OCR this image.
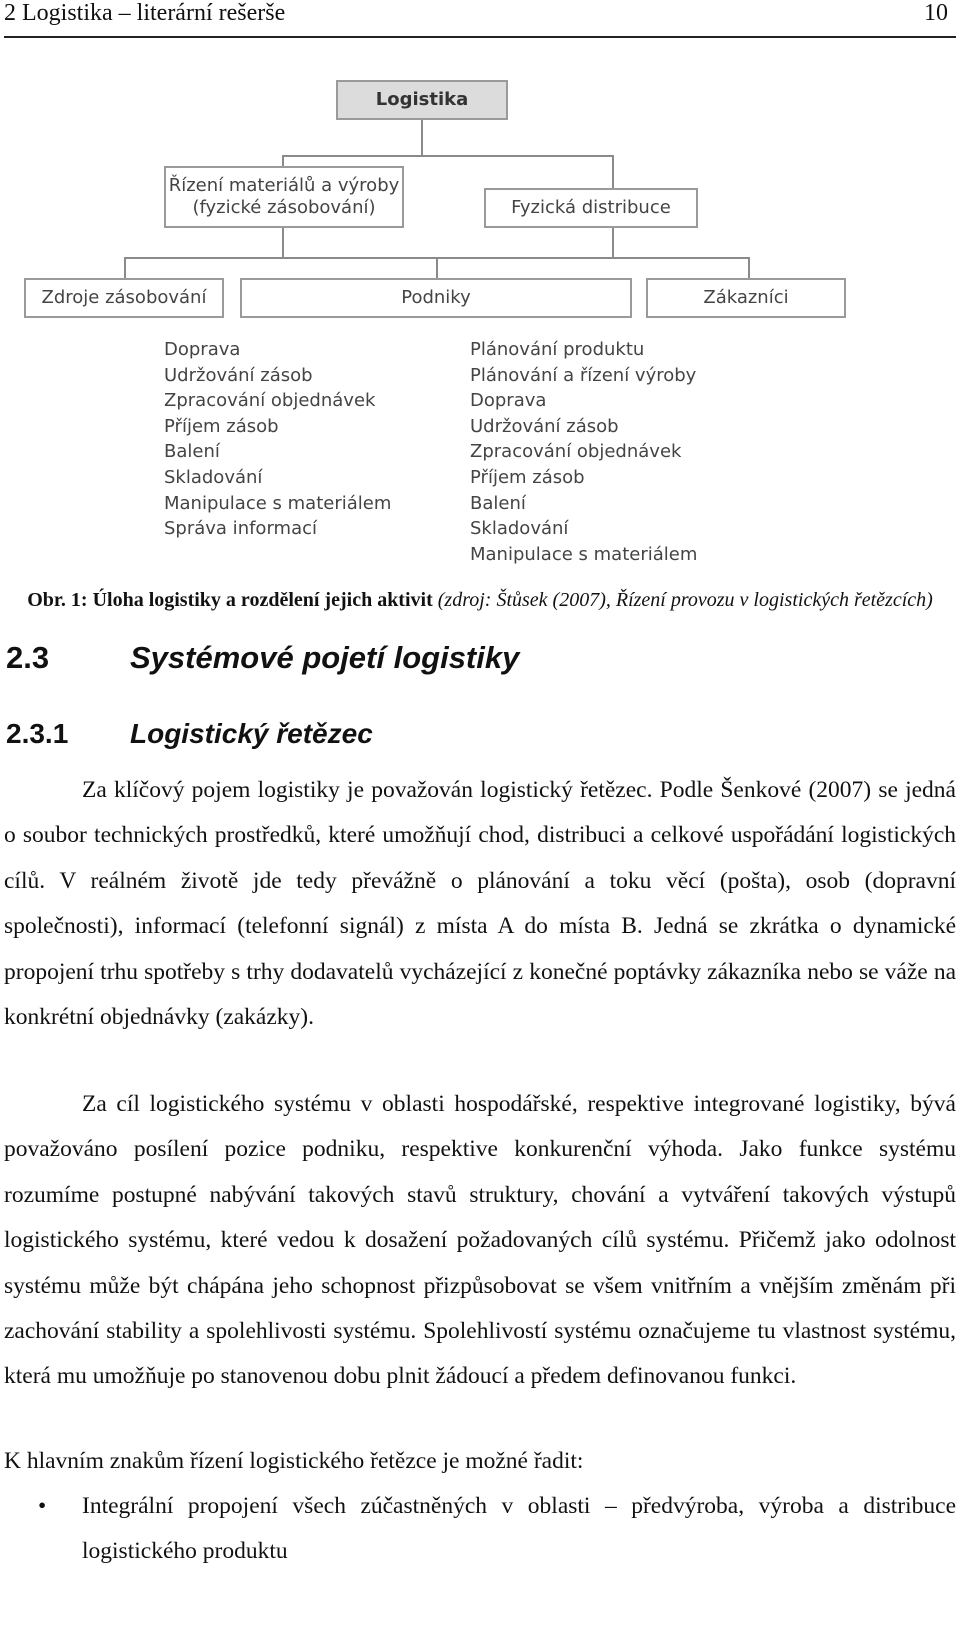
2 Logistika – literární rešerše	10
Logistika
Řízení materiálů a výroby (fyzické zásobování)	Fyzická distribuce
Zdroje zásobování	Podniky	Zákazníci
Doprava
Udržování zásob
Zpracování objednávek
Příjem zásob
Balení
Skladování
Manipulace s materiálem
Správa informací
Plánování produktu
Plánování a řízení výroby
Doprava
Udržování zásob
Zpracování objednávek
Příjem zásob
Balení
Skladování
Manipulace s materiálem
Obr. 1: Úloha logistiky a rozdělení jejich aktivit (zdroj: Štůsek (2007), Řízení provozu v logistických řetězcích)
2.3	Systémové pojetí logistiky
2.3.1 Logistický řetězec

Za klíčový pojem logistiky je považován logistický řetězec. Podle Šenkové (2007) se jedná o soubor technických prostředků, které umožňují chod, distribuci a celkové uspořádání logistických cílů. V reálném životě jde tedy převážně o plánování a toku věcí (pošta), osob (dopravní společnosti), informací (telefonní signál) z místa A do místa B. Jedná se zkrátka o dynamické propojení trhu spotřeby s trhy dodavatelů vycházející z konečné poptávky zákazníka nebo se váže na konkrétní objednávky (zakázky).

Za cíl logistického systému v oblasti hospodářské, respektive integrované logistiky, bývá považováno posílení pozice podniku, respektive konkurenční výhoda. Jako funkce systému rozumíme postupné nabývání takových stavů struktury, chování a vytváření takových výstupů logistického systému, které vedou k dosažení požadovaných cílů systému. Přičemž jako odolnost systému může být chápána jeho schopnost přizpůsobovat se všem vnitřním a vnějším změnám při zachování stability a spolehlivosti systému. Spolehlivostí systému označujeme tu vlastnost systému, která mu umožňuje po stanovenou dobu plnit žádoucí a předem definovanou funkci.

K hlavním znakům řízení logistického řetězce je možné řadit:

• Integrální propojení všech zúčastněných v oblasti – předvýroba, výroba a distribuce logistického produktu
